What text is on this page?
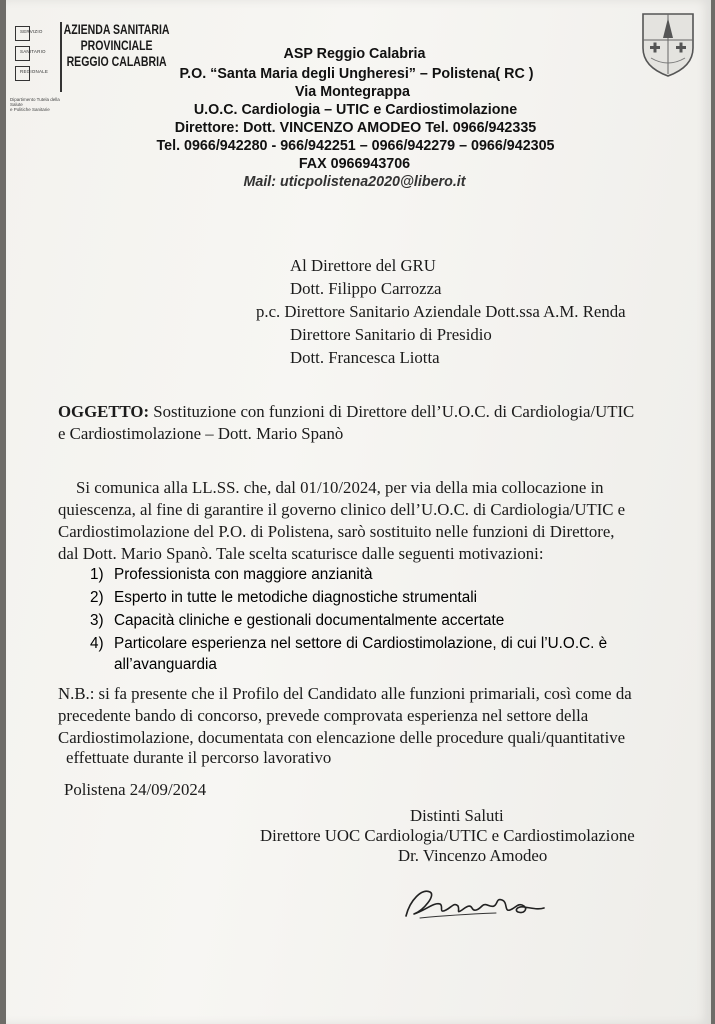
SERVIZIO
SANITARIO
REGIONALE
AZIENDA SANITARIA
PROVINCIALE
REGGIO CALABRIA
Dipartimento Tutela della Salute
e Politiche Sanitarie
ASP Reggio Calabria
P.O. “Santa Maria degli Ungheresi” – Polistena( RC )
Via Montegrappa
U.O.C. Cardiologia – UTIC e Cardiostimolazione
Direttore: Dott. VINCENZO AMODEO Tel. 0966/942335
Tel. 0966/942280 - 966/942251 – 0966/942279 – 0966/942305
FAX 0966943706
Mail: uticpolistena2020@libero.it
Al Direttore del GRU
Dott. Filippo Carrozza
p.c. Direttore Sanitario Aziendale Dott.ssa A.M. Renda
Direttore Sanitario di Presidio
Dott. Francesca Liotta
OGGETTO: Sostituzione con funzioni di Direttore dell’U.O.C. di Cardiologia/UTIC
e Cardiostimolazione – Dott. Mario Spanò
Si comunica alla LL.SS. che, dal 01/10/2024, per via della mia collocazione in
quiescenza, al fine di garantire il governo clinico dell’U.O.C. di Cardiologia/UTIC e
Cardiostimolazione del P.O. di Polistena, sarò sostituito nelle funzioni di Direttore,
dal Dott. Mario Spanò. Tale scelta scaturisce dalle seguenti motivazioni:
1) Professionista con maggiore anzianità
2) Esperto in tutte le metodiche diagnostiche strumentali
3) Capacità cliniche e gestionali documentalmente accertate
4) Particolare esperienza nel settore di Cardiostimolazione, di cui l’U.O.C. è
all’avanguardia
N.B.: si fa presente che il Profilo del Candidato alle funzioni primariali, così come da
precedente bando di concorso, prevede comprovata esperienza nel settore della
Cardiostimolazione, documentata con elencazione delle procedure quali/quantitative
effettuate durante il percorso lavorativo
Polistena 24/09/2024
Distinti Saluti
Direttore UOC Cardiologia/UTIC e Cardiostimolazione
Dr. Vincenzo Amodeo
